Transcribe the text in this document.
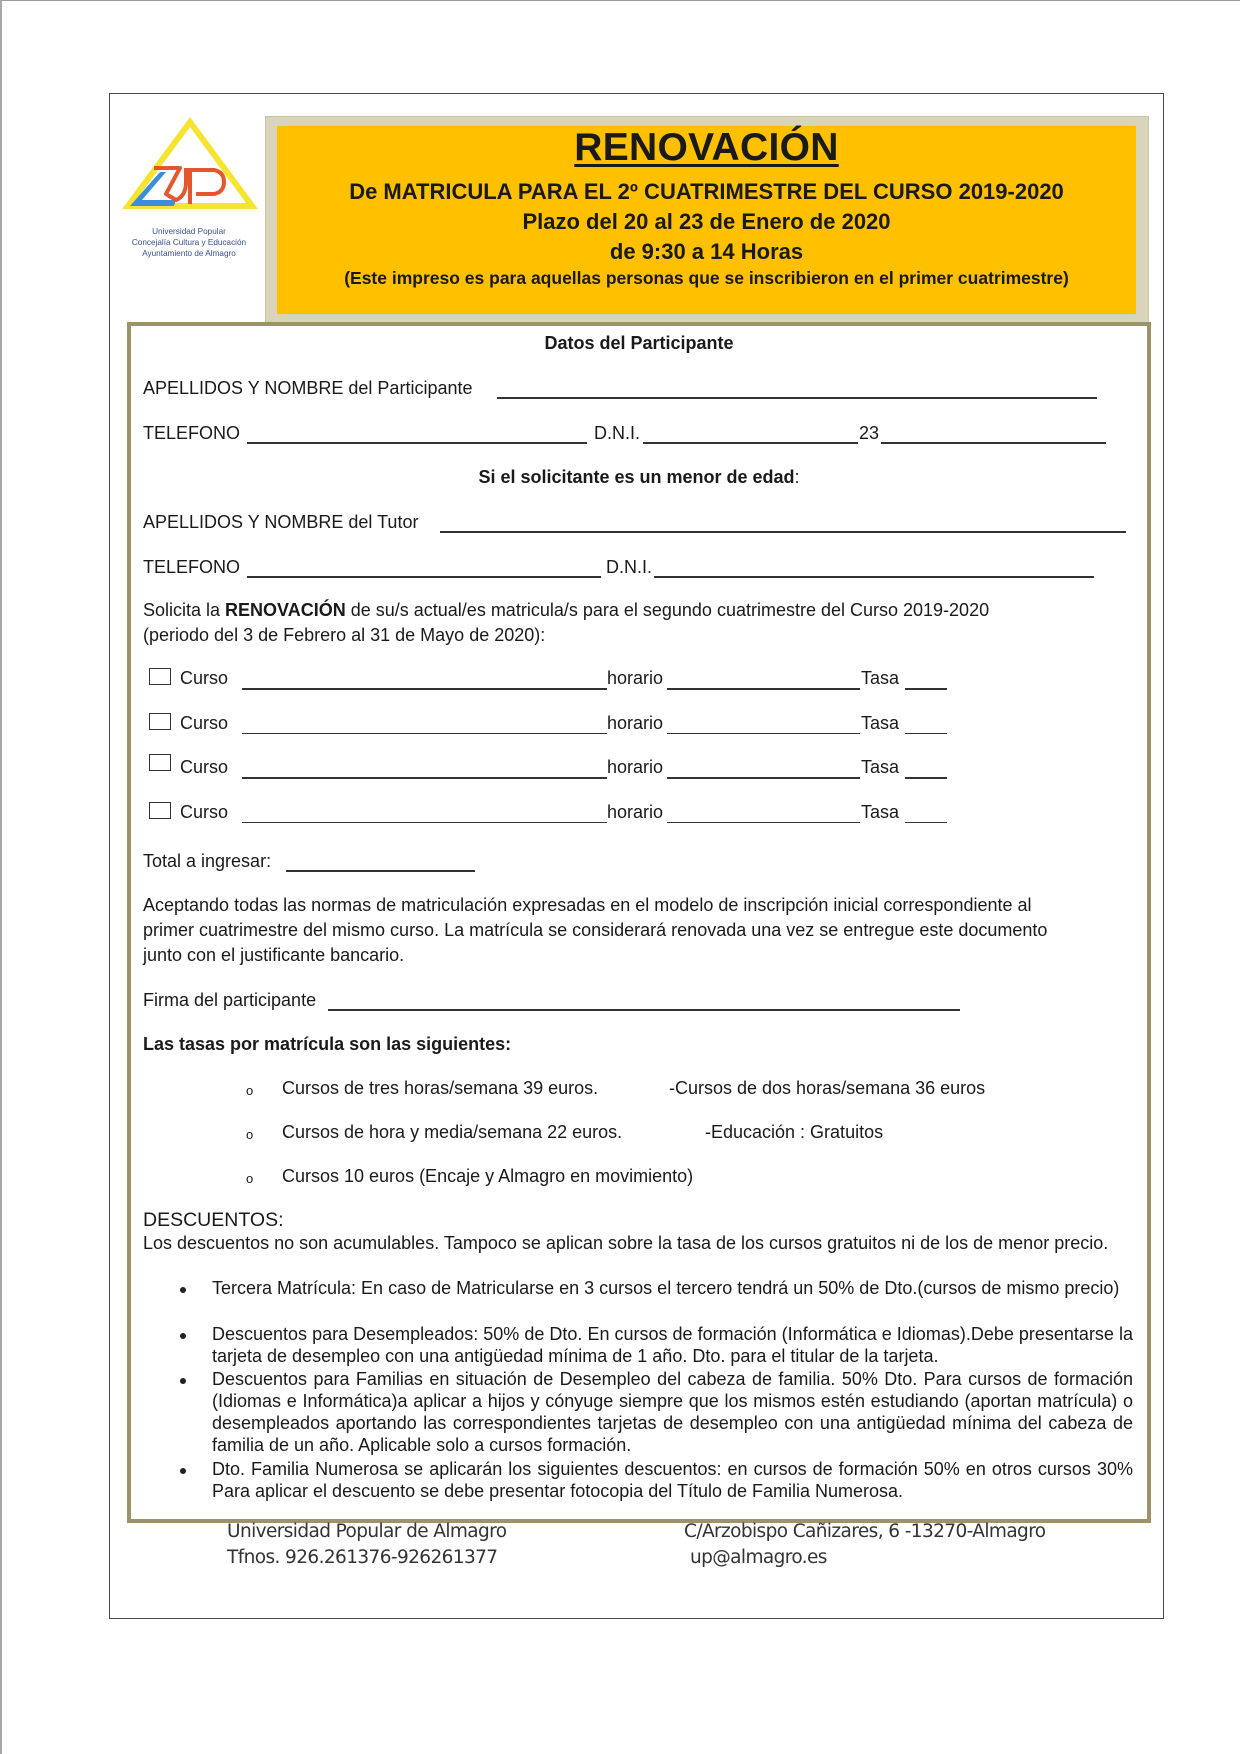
Universidad Popular
Concejalía Cultura y Educación
Ayuntamiento de Almagro
RENOVACIÓN
De MATRICULA PARA EL 2º CUATRIMESTRE DEL CURSO 2019-2020
Plazo del 20 al 23 de Enero de 2020
de 9:30 a 14 Horas
(Este impreso es para aquellas personas que se inscribieron en el primer cuatrimestre)
Datos del Participante
APELLIDOS Y NOMBRE del Participante
TELEFONO	D.N.I.	23
Si el solicitante es un menor de edad:
APELLIDOS Y NOMBRE del Tutor
TELEFONO	D.N.I.
Solicita la RENOVACIÓN de su/s actual/es matricula/s para el segundo cuatrimestre del Curso 2019-2020
(periodo del 3 de Febrero al 31 de Mayo de 2020):
Curso	horario	Tasa
Curso	horario	Tasa
Curso	horario	Tasa
Curso	horario	Tasa
Total a ingresar:
Aceptando todas las normas de matriculación expresadas en el modelo de inscripción inicial correspondiente al
primer cuatrimestre del mismo curso. La matrícula se considerará renovada una vez se entregue este documento
junto con el justificante bancario.
Firma del participante
Las tasas por matrícula son las siguientes:
o Cursos de tres horas/semana 39 euros.	-Cursos de dos horas/semana 36 euros
o Cursos de hora y media/semana 22 euros.	-Educación : Gratuitos
o Cursos 10 euros (Encaje y Almagro en movimiento)
DESCUENTOS:
Los descuentos no son acumulables. Tampoco se aplican sobre la tasa de los cursos gratuitos ni de los de menor precio.
Tercera Matrícula: En caso de Matricularse en 3 cursos el tercero tendrá un 50% de Dto.(cursos de mismo precio)
Descuentos para Desempleados: 50% de Dto. En cursos de formación (Informática e Idiomas).Debe presentarse la tarjeta de desempleo con una antigüedad mínima de 1 año. Dto. para el titular de la tarjeta.
Descuentos para Familias en situación de Desempleo del cabeza de familia. 50% Dto. Para cursos de formación (Idiomas e Informática)a aplicar a hijos y cónyuge siempre que los mismos estén estudiando (aportan matrícula) o desempleados aportando las correspondientes tarjetas de desempleo con una antigüedad mínima del cabeza de familia de un año. Aplicable solo a cursos formación.
Dto. Familia Numerosa se aplicarán los siguientes descuentos: en cursos de formación 50% en otros cursos 30% Para aplicar el descuento se debe presentar fotocopia del Título de Familia Numerosa.
Universidad Popular de Almagro
Tfnos. 926.261376-926261377
C/Arzobispo Cañizares, 6 -13270-Almagro
up@almagro.es
